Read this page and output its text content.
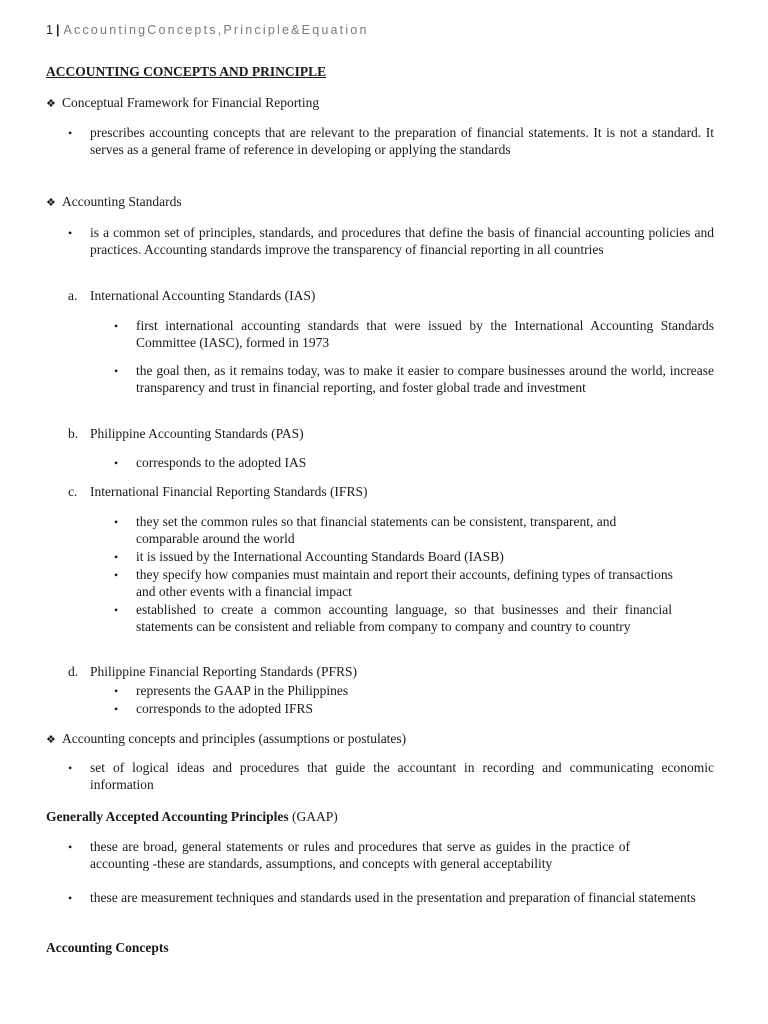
1 | AccountingConcepts,Principle&Equation
ACCOUNTING CONCEPTS AND PRINCIPLE
❖ Conceptual Framework for Financial Reporting
• prescribes accounting concepts that are relevant to the preparation of financial statements. It is not a standard. It serves as a general frame of reference in developing or applying the standards
❖ Accounting Standards
• is a common set of principles, standards, and procedures that define the basis of financial accounting policies and practices. Accounting standards improve the transparency of financial reporting in all countries
a. International Accounting Standards (IAS)
• first international accounting standards that were issued by the International Accounting Standards Committee (IASC), formed in 1973
• the goal then, as it remains today, was to make it easier to compare businesses around the world, increase transparency and trust in financial reporting, and foster global trade and investment
b. Philippine Accounting Standards (PAS)
• corresponds to the adopted IAS
c. International Financial Reporting Standards (IFRS)
• they set the common rules so that financial statements can be consistent, transparent, and comparable around the world
• it is issued by the International Accounting Standards Board (IASB)
• they specify how companies must maintain and report their accounts, defining types of transactions and other events with a financial impact
• established to create a common accounting language, so that businesses and their financial statements can be consistent and reliable from company to company and country to country
d. Philippine Financial Reporting Standards (PFRS)
• represents the GAAP in the Philippines
• corresponds to the adopted IFRS
❖ Accounting concepts and principles (assumptions or postulates)
• set of logical ideas and procedures that guide the accountant in recording and communicating economic information
Generally Accepted Accounting Principles (GAAP)
• these are broad, general statements or rules and procedures that serve as guides in the practice of accounting -these are standards, assumptions, and concepts with general acceptability
• these are measurement techniques and standards used in the presentation and preparation of financial statements
Accounting Concepts
